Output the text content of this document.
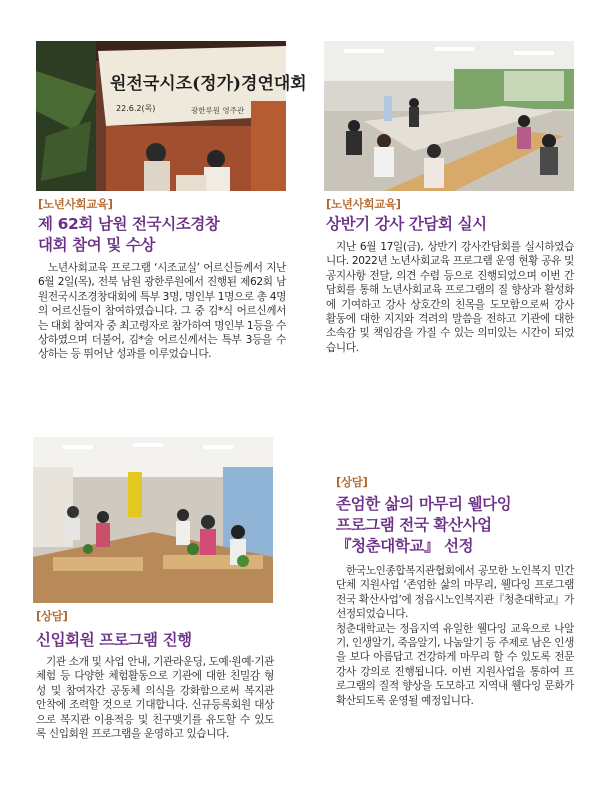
원전국시조(정가)경연대회
22.6.2(목)	광한루원 영주관
[노년사회교육]
제 62회 남원 전국시조경창
대회 참여 및 수상

노년사회교육 프로그램 ‘시조교실’ 어르신들께서 지난 6월 2일(목), 전북 남원 광한루원에서 진행된 제62회 남원전국시조경창대회에 특부 3명, 명인부 1명으로 총 4명의 어르신들이 참여하였습니다. 그 중 김*식 어르신께서는 대회 참여자 중 최고령자로 참가하여 명인부 1등을 수상하였으며 더불어, 김*술 어르신께서는 특부 3등을 수상하는 등 뛰어난 성과를 이루었습니다.

[노년사회교육]
상반기 강사 간담회 실시

지난 6월 17일(금), 상반기 강사간담회를 실시하였습니다. 2022년 노년사회교육 프로그램 운영 현황 공유 및 공지사항 전달, 의견 수렴 등으로 진행되었으며 이번 간담회를 통해 노년사회교육 프로그램의 질 향상과 활성화에 기여하고 강사 상호간의 친목을 도모함으로써 강사 활동에 대한 지지와 격려의 말씀을 전하고 기관에 대한 소속감 및 책임감을 가질 수 있는 의미있는 시간이 되었습니다.

[상담]
신입회원 프로그램 진행

기관 소개 및 사업 안내, 기관라운딩, 도예·원예·기관체험 등 다양한 체험활동으로 기관에 대한 친밀감 형성 및 참여자간 공동체 의식을 강화함으로써 복지관 안착에 조력할 것으로 기대합니다. 신규등록회원 대상으로 복지관 이용적응 및 친구맺기를 유도할 수 있도록 신입회원 프로그램을 운영하고 있습니다.

[상담]
존엄한 삶의 마무리 웰다잉
프로그램 전국 확산사업
『청춘대학교』 선정

한국노인종합복지관협회에서 공모한 노인복지 민간단체 지원사업 ‘존엄한 삶의 마무리, 웰다잉 프로그램 전국 확산사업’에 정읍시노인복지관『청춘대학교』가 선정되었습니다.

청춘대학교는 정읍지역 유일한 웰다잉 교육으로 나알기, 인생알기, 죽음알기, 나눔알기 등 주제로 남은 인생을 보다 아름답고 건강하게 마무리 할 수 있도록 전문강사 강의로 진행됩니다. 이번 지원사업을 통하여 프로그램의 질적 향상을 도모하고 지역내 웰다잉 문화가 확산되도록 운영될 예정입니다.
